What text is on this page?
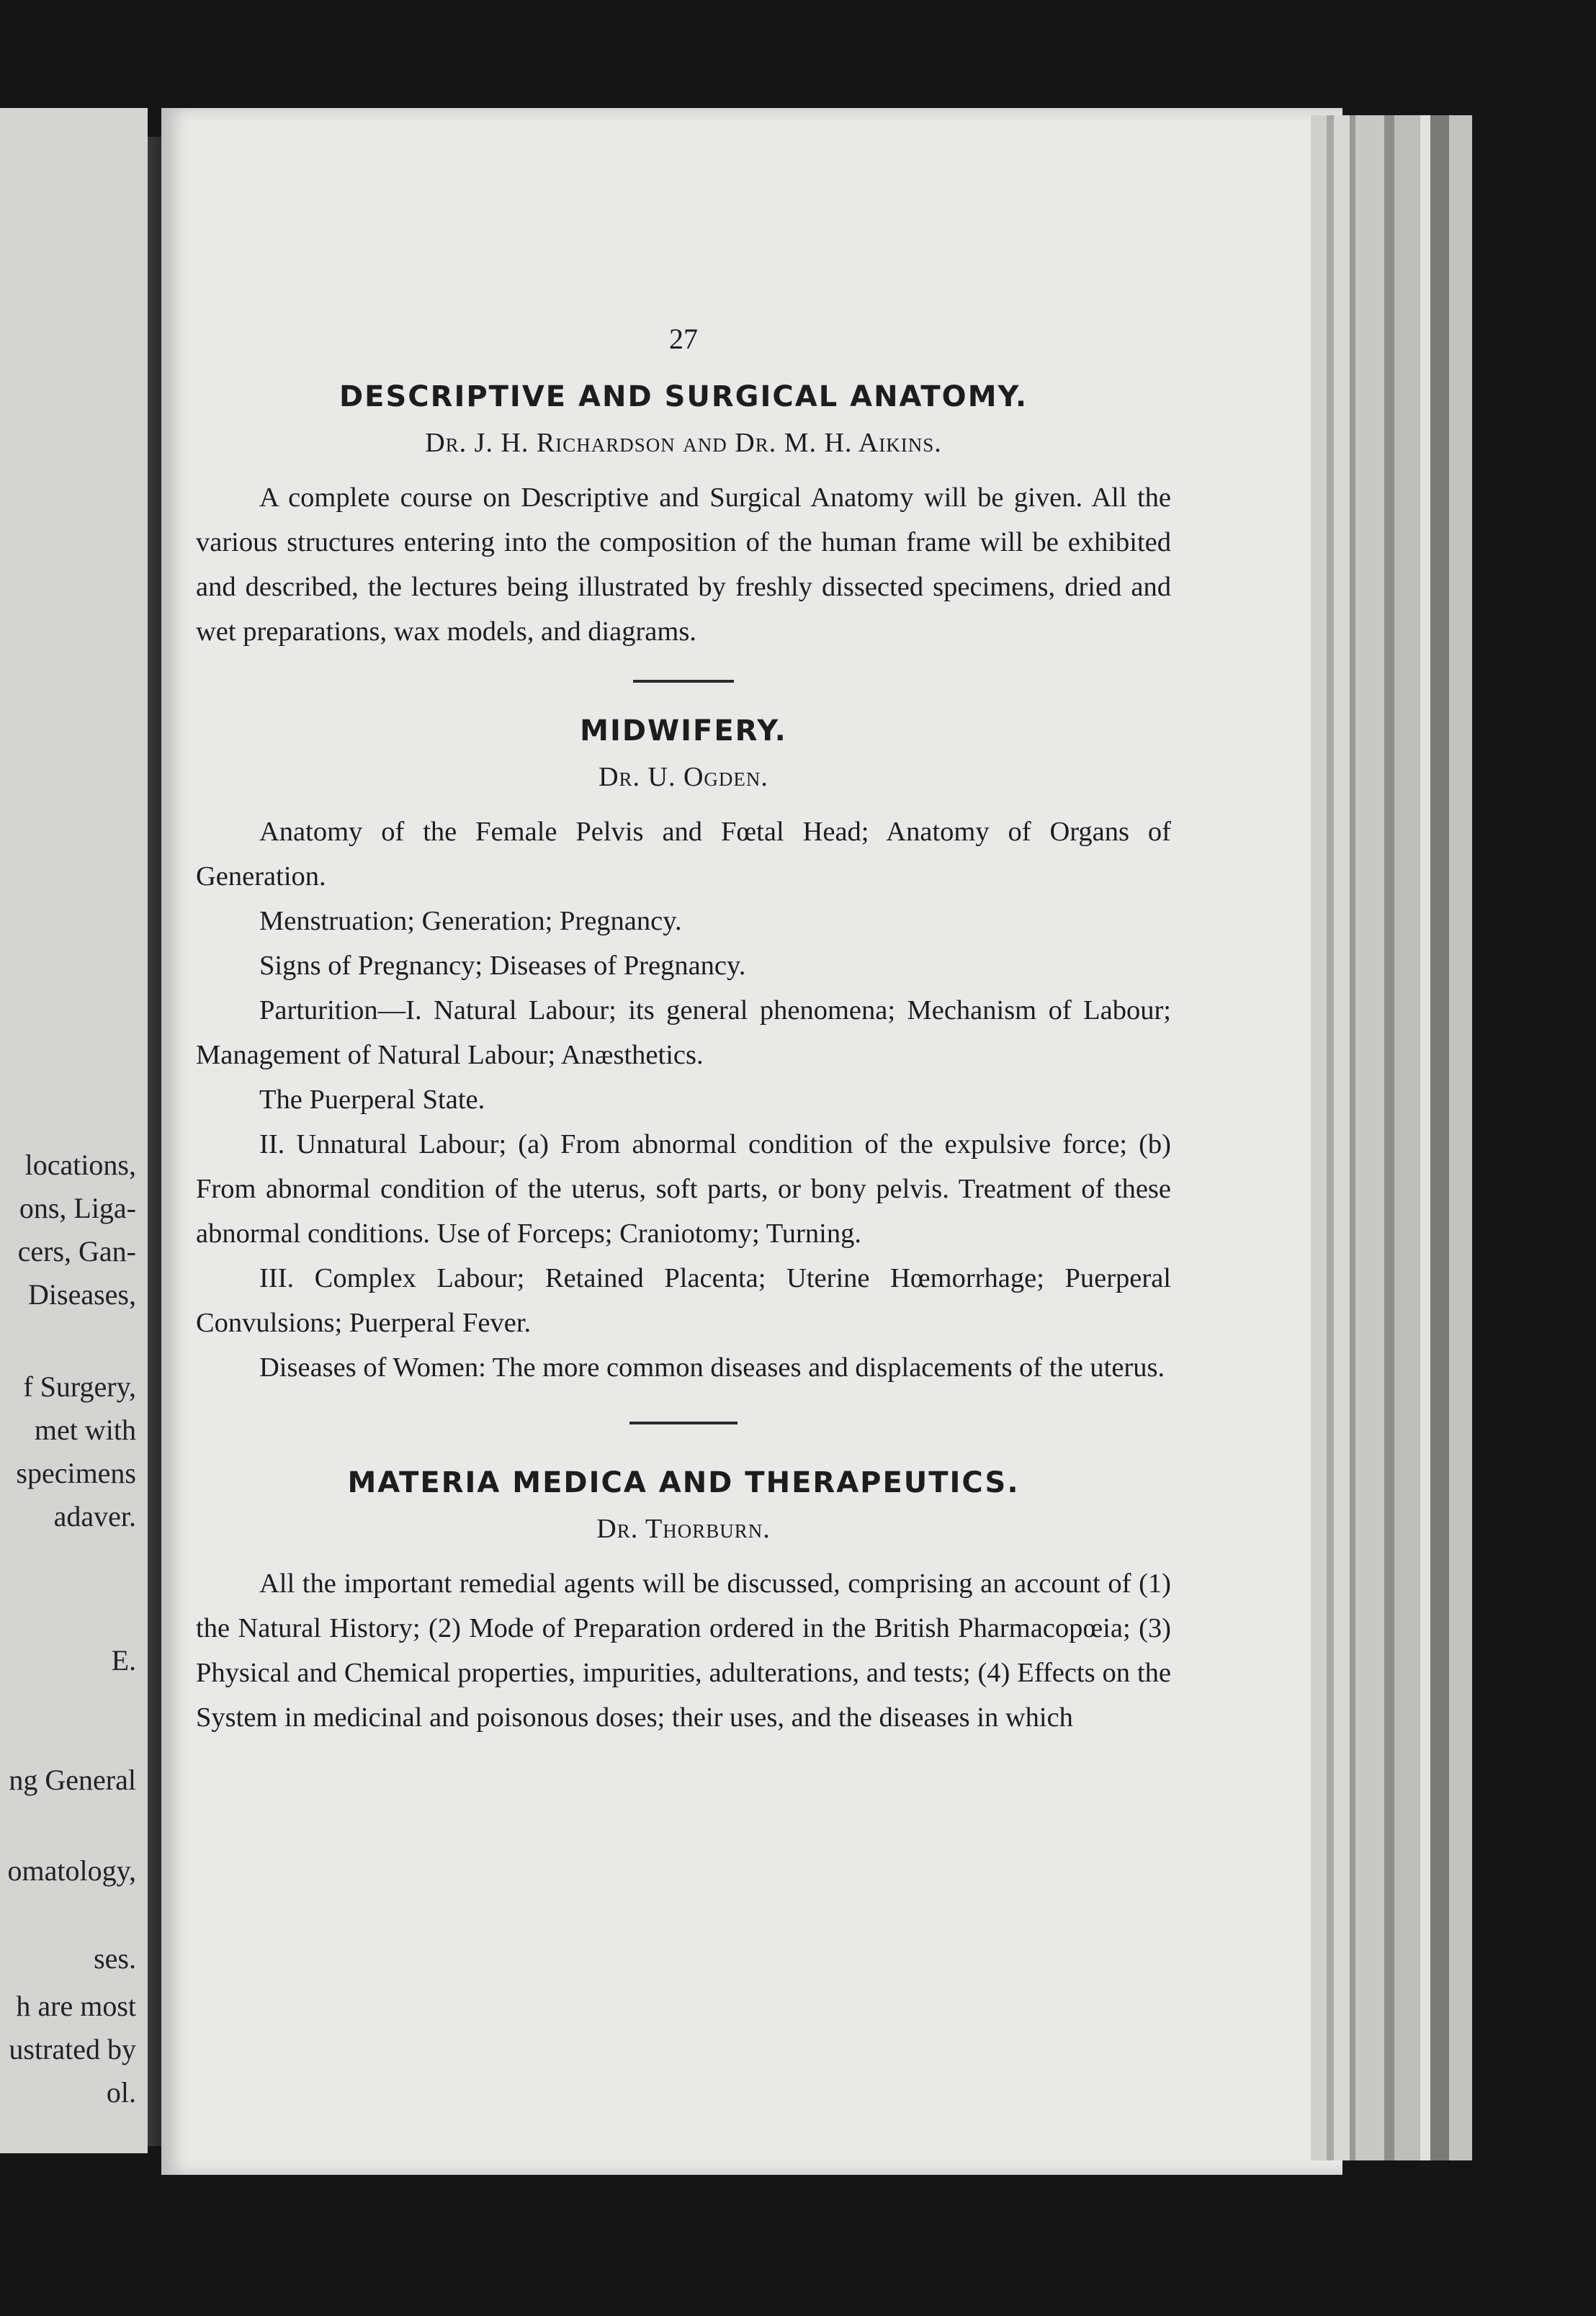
locations,
ons, Liga-
cers, Gan-
Diseases,
f Surgery,
met with
specimens
adaver.
E.
ng General
omatology,
ses.
h are most
ustrated by
ol.
27
DESCRIPTIVE AND SURGICAL ANATOMY.
Dr. J. H. Richardson and Dr. M. H. Aikins.

A complete course on Descriptive and Surgical Anatomy will be given. All the various structures entering into the composition of the human frame will be exhibited and described, the lectures being illustrated by freshly dissected specimens, dried and wet preparations, wax models, and diagrams.

MIDWIFERY.
Dr. U. Ogden.

Anatomy of the Female Pelvis and Fœtal Head; Anatomy of Organs of Generation.

Menstruation; Generation; Pregnancy.

Signs of Pregnancy; Diseases of Pregnancy.

Parturition—I. Natural Labour; its general phenomena; Mechanism of Labour; Management of Natural Labour; Anæsthetics.

The Puerperal State.

II. Unnatural Labour; (a) From abnormal condition of the expulsive force; (b) From abnormal condition of the uterus, soft parts, or bony pelvis. Treatment of these abnormal conditions. Use of Forceps; Craniotomy; Turning.

III. Complex Labour; Retained Placenta; Uterine Hœmorrhage; Puerperal Convulsions; Puerperal Fever.

Diseases of Women: The more common diseases and displacements of the uterus.

MATERIA MEDICA AND THERAPEUTICS.
Dr. Thorburn.

All the important remedial agents will be discussed, comprising an account of (1) the Natural History; (2) Mode of Preparation ordered in the British Pharmacopœia; (3) Physical and Chemical properties, impurities, adulterations, and tests; (4) Effects on the System in medicinal and poisonous doses; their uses, and the diseases in which
